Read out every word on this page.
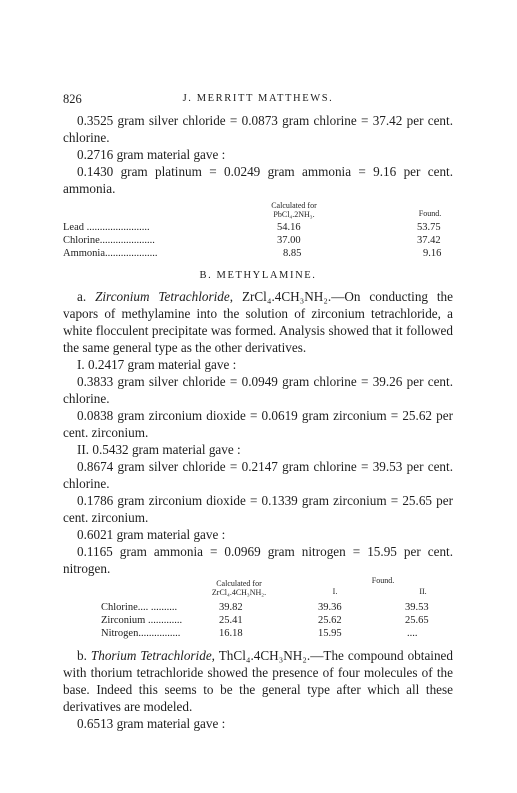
826	J. MERRITT MATTHEWS.

0.3525 gram silver chloride = 0.0873 gram chlorine = 37.42 per cent. chlorine.

0.2716 gram material gave :

0.1430 gram platinum = 0.0249 gram ammonia = 9.16 per cent. ammonia.

Calculated for
PbCl₄.2NH₃.	Found.
Lead ........................	54.16	53.75
Chlorine.....................	37.00	37.42
Ammonia....................	8.85	9.16
B. METHYLAMINE.

a. Zirconium Tetrachloride, ZrCl₄.4CH₃NH₂.—On conducting the vapors of methylamine into the solution of zirconium tetrachloride, a white flocculent precipitate was formed. Analysis showed that it followed the same general type as the other derivatives.

I. 0.2417 gram material gave :

0.3833 gram silver chloride = 0.0949 gram chlorine = 39.26 per cent. chlorine.

0.0838 gram zirconium dioxide = 0.0619 gram zirconium = 25.62 per cent. zirconium.

II. 0.5432 gram material gave :

0.8674 gram silver chloride = 0.2147 gram chlorine = 39.53 per cent. chlorine.

0.1786 gram zirconium dioxide = 0.1339 gram zirconium = 25.65 per cent. zirconium.

0.6021 gram material gave :

0.1165 gram ammonia = 0.0969 gram nitrogen = 15.95 per cent. nitrogen.

Calculated for
ZrCl₄.4CH₃NH₂.
Found.
I.	II.
Chlorine.... ..........	39.82	39.36	39.53
Zirconium .............	25.41	25.62	25.65
Nitrogen................	16.18	15.95	....

b. Thorium Tetrachloride, ThCl₄.4CH₃NH₂.—The compound obtained with thorium tetrachloride showed the presence of four molecules of the base. Indeed this seems to be the general type after which all these derivatives are modeled.

0.6513 gram material gave :
